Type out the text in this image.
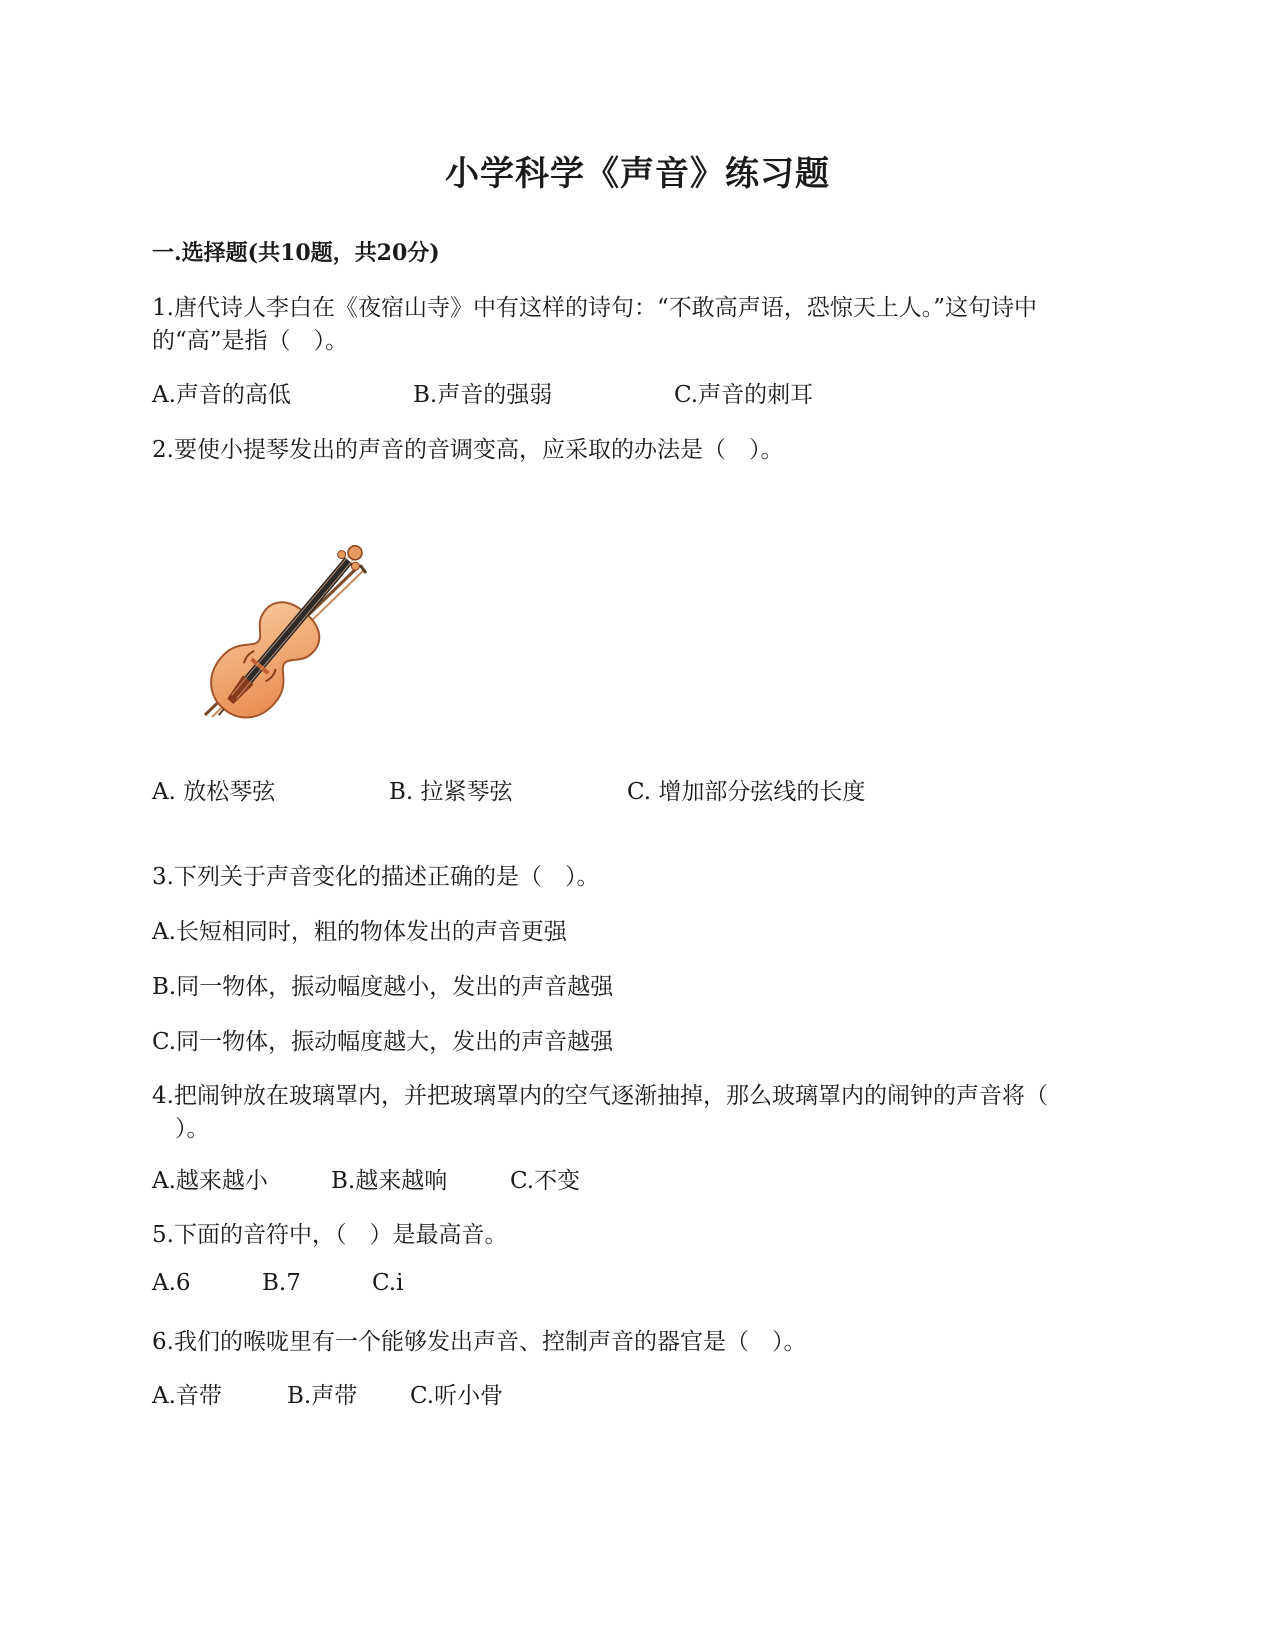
小学科学《声音》练习题
一.选择题(共10题，共20分)
1.唐代诗人李白在《夜宿山寺》中有这样的诗句：“不敢高声语，恐惊天上人。”这句诗中
的“高”是指（　）。
A.声音的高低	B.声音的强弱	C.声音的刺耳
2.要使小提琴发出的声音的音调变高，应采取的办法是（　）。
A. 放松琴弦	B. 拉紧琴弦	C. 增加部分弦线的长度
3.下列关于声音变化的描述正确的是（　）。
A.长短相同时，粗的物体发出的声音更强
B.同一物体，振动幅度越小，发出的声音越强
C.同一物体，振动幅度越大，发出的声音越强
4.把闹钟放在玻璃罩内，并把玻璃罩内的空气逐渐抽掉，那么玻璃罩内的闹钟的声音将（
　）。
A.越来越小	B.越来越响	C.不变
5.下面的音符中，（　）是最高音。
A.6	B.7	C.i
6.我们的喉咙里有一个能够发出声音、控制声音的器官是（　）。
A.音带	B.声带 C.听小骨
